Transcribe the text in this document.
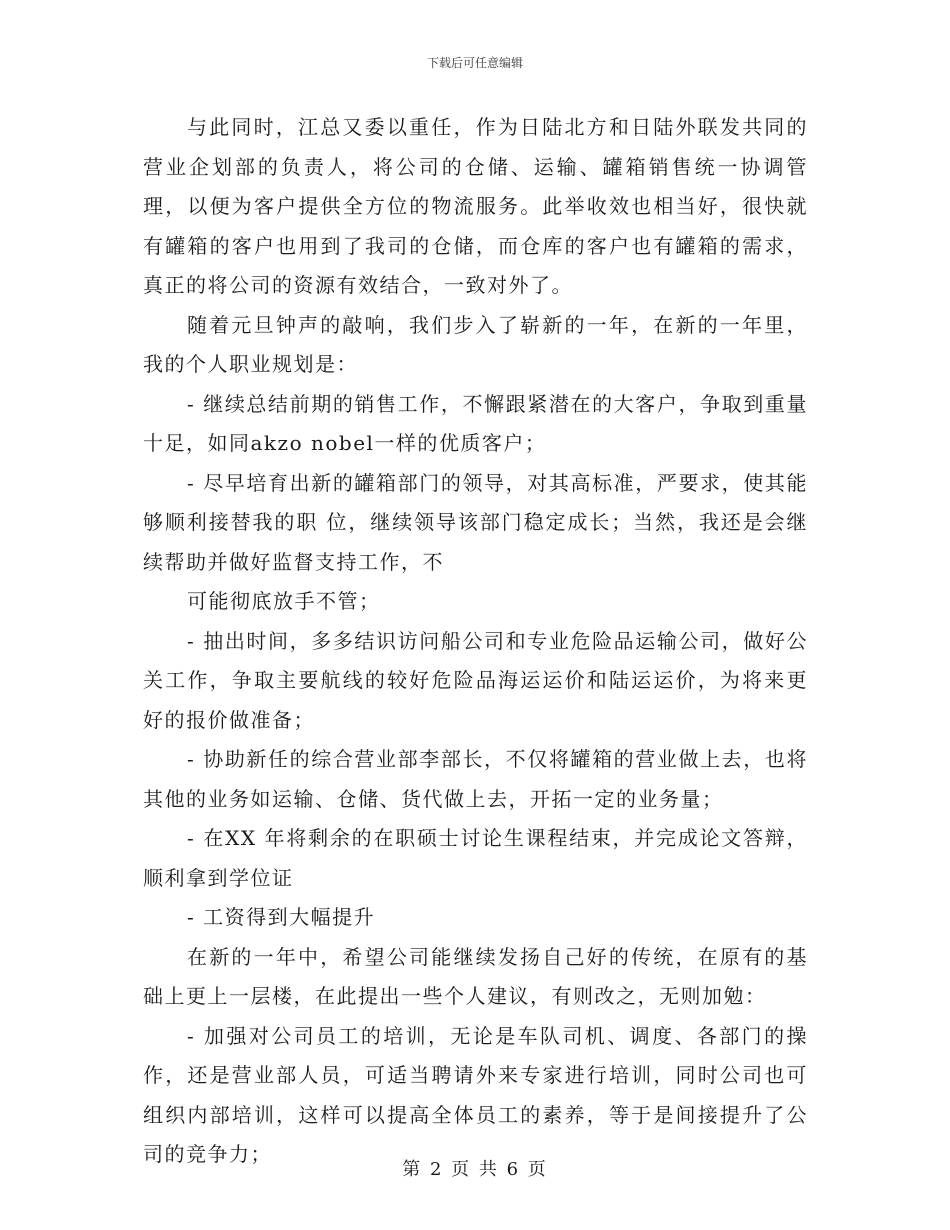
下载后可任意编辑

与此同时，江总又委以重任，作为日陆北方和日陆外联发共同的营业企划部的负责人，将公司的仓储、运输、罐箱销售统一协调管理，以便为客户提供全方位的物流服务。此举收效也相当好，很快就有罐箱的客户也用到了我司的仓储，而仓库的客户也有罐箱的需求，真正的将公司的资源有效结合，一致对外了。

随着元旦钟声的敲响，我们步入了崭新的一年，在新的一年里，我的个人职业规划是：

- 继续总结前期的销售工作，不懈跟紧潜在的大客户，争取到重量十足，如同akzo nobel一样的优质客户；

- 尽早培育出新的罐箱部门的领导，对其高标准，严要求，使其能够顺利接替我的职 位，继续领导该部门稳定成长；当然，我还是会继续帮助并做好监督支持工作，不

可能彻底放手不管；

- 抽出时间，多多结识访问船公司和专业危险品运输公司，做好公关工作，争取主要航线的较好危险品海运运价和陆运运价，为将来更好的报价做准备；

- 协助新任的综合营业部李部长，不仅将罐箱的营业做上去，也将其他的业务如运输、仓储、货代做上去，开拓一定的业务量；

- 在XX 年将剩余的在职硕士讨论生课程结束，并完成论文答辩，顺利拿到学位证

- 工资得到大幅提升

在新的一年中，希望公司能继续发扬自己好的传统，在原有的基础上更上一层楼，在此提出一些个人建议，有则改之，无则加勉：

- 加强对公司员工的培训，无论是车队司机、调度、各部门的操作，还是营业部人员，可适当聘请外来专家进行培训，同时公司也可组织内部培训，这样可以提高全体员工的素养，等于是间接提升了公司的竞争力；

第 2 页 共 6 页
